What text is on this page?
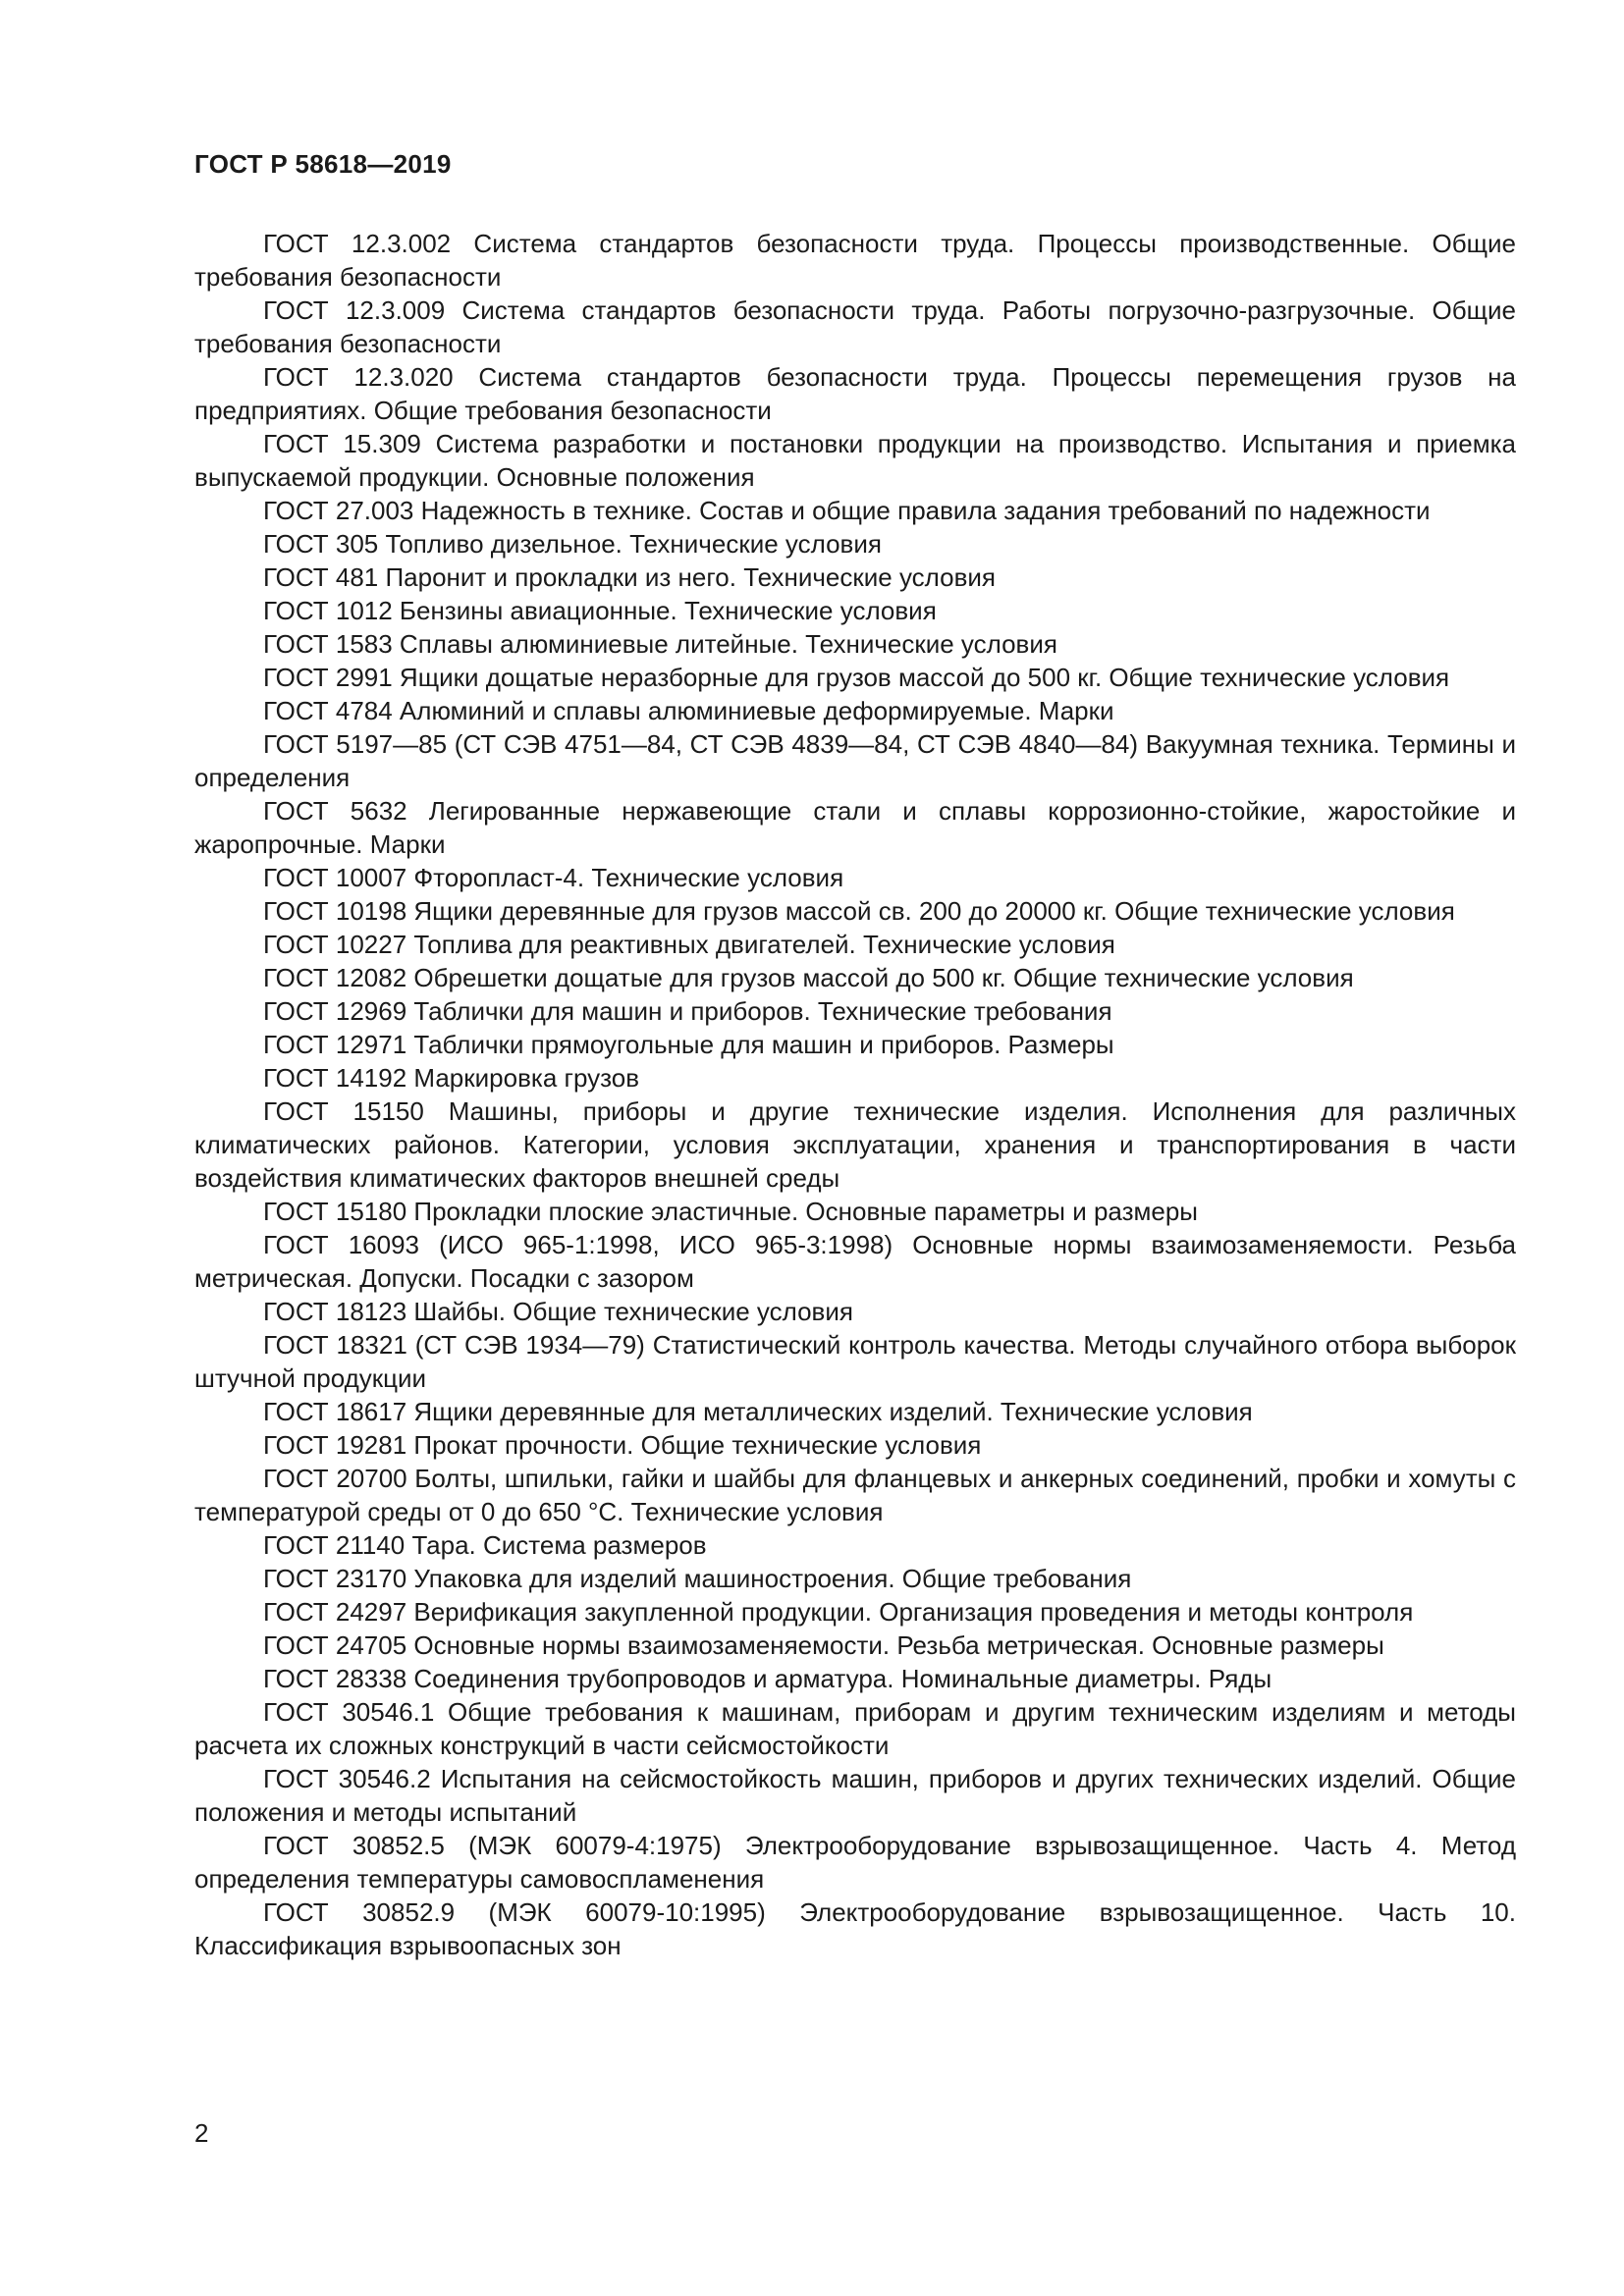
ГОСТ Р 58618—2019
ГОСТ 12.3.002 Система стандартов безопасности труда. Процессы производственные. Общие требования безопасности
ГОСТ 12.3.009 Система стандартов безопасности труда. Работы погрузочно-разгрузочные. Общие требования безопасности
ГОСТ 12.3.020 Система стандартов безопасности труда. Процессы перемещения грузов на предприятиях. Общие требования безопасности
ГОСТ 15.309 Система разработки и постановки продукции на производство. Испытания и приемка выпускаемой продукции. Основные положения
ГОСТ 27.003 Надежность в технике. Состав и общие правила задания требований по надежности
ГОСТ 305 Топливо дизельное. Технические условия
ГОСТ 481 Паронит и прокладки из него. Технические условия
ГОСТ 1012 Бензины авиационные. Технические условия
ГОСТ 1583 Сплавы алюминиевые литейные. Технические условия
ГОСТ 2991 Ящики дощатые неразборные для грузов массой до 500 кг. Общие технические условия
ГОСТ 4784 Алюминий и сплавы алюминиевые деформируемые. Марки
ГОСТ 5197—85 (СТ СЭВ 4751—84, СТ СЭВ 4839—84, СТ СЭВ 4840—84) Вакуумная техника. Термины и определения
ГОСТ 5632 Легированные нержавеющие стали и сплавы коррозионно-стойкие, жаростойкие и жаропрочные. Марки
ГОСТ 10007 Фторопласт-4. Технические условия
ГОСТ 10198 Ящики деревянные для грузов массой св. 200 до 20000 кг. Общие технические условия
ГОСТ 10227 Топлива для реактивных двигателей. Технические условия
ГОСТ 12082 Обрешетки дощатые для грузов массой до 500 кг. Общие технические условия
ГОСТ 12969 Таблички для машин и приборов. Технические требования
ГОСТ 12971 Таблички прямоугольные для машин и приборов. Размеры
ГОСТ 14192 Маркировка грузов
ГОСТ 15150 Машины, приборы и другие технические изделия. Исполнения для различных климатических районов. Категории, условия эксплуатации, хранения и транспортирования в части воздействия климатических факторов внешней среды
ГОСТ 15180 Прокладки плоские эластичные. Основные параметры и размеры
ГОСТ 16093 (ИСО 965-1:1998, ИСО 965-3:1998) Основные нормы взаимозаменяемости. Резьба метрическая. Допуски. Посадки с зазором
ГОСТ 18123 Шайбы. Общие технические условия
ГОСТ 18321 (СТ СЭВ 1934—79) Статистический контроль качества. Методы случайного отбора выборок штучной продукции
ГОСТ 18617 Ящики деревянные для металлических изделий. Технические условия
ГОСТ 19281 Прокат прочности. Общие технические условия
ГОСТ 20700 Болты, шпильки, гайки и шайбы для фланцевых и анкерных соединений, пробки и хомуты с температурой среды от 0 до 650 °С. Технические условия
ГОСТ 21140 Тара. Система размеров
ГОСТ 23170 Упаковка для изделий машиностроения. Общие требования
ГОСТ 24297 Верификация закупленной продукции. Организация проведения и методы контроля
ГОСТ 24705 Основные нормы взаимозаменяемости. Резьба метрическая. Основные размеры
ГОСТ 28338 Соединения трубопроводов и арматура. Номинальные диаметры. Ряды
ГОСТ 30546.1 Общие требования к машинам, приборам и другим техническим изделиям и методы расчета их сложных конструкций в части сейсмостойкости
ГОСТ 30546.2 Испытания на сейсмостойкость машин, приборов и других технических изделий. Общие положения и методы испытаний
ГОСТ 30852.5 (МЭК 60079-4:1975) Электрооборудование взрывозащищенное. Часть 4. Метод определения температуры самовоспламенения
ГОСТ 30852.9 (МЭК 60079-10:1995) Электрооборудование взрывозащищенное. Часть 10. Классификация взрывоопасных зон
2
